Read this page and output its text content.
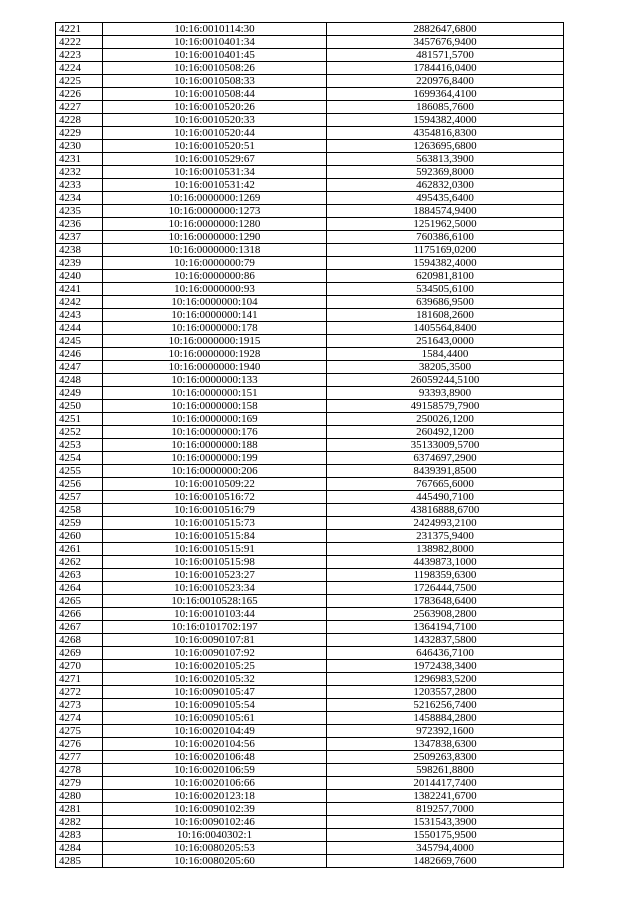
4221	10:16:0010114:30	2882647,6800
4222	10:16:0010401:34	3457676,9400
4223	10:16:0010401:45	481571,5700
4224	10:16:0010508:26	1784416,0400
4225	10:16:0010508:33	220976,8400
4226	10:16:0010508:44	1699364,4100
4227	10:16:0010520:26	186085,7600
4228	10:16:0010520:33	1594382,4000
4229	10:16:0010520:44	4354816,8300
4230	10:16:0010520:51	1263695,6800
4231	10:16:0010529:67	563813,3900
4232	10:16:0010531:34	592369,8000
4233	10:16:0010531:42	462832,0300
4234	10:16:0000000:1269	495435,6400
4235	10:16:0000000:1273	1884574,9400
4236	10:16:0000000:1280	1251962,5000
4237	10:16:0000000:1290	760386,6100
4238	10:16:0000000:1318	1175169,0200
4239	10:16:0000000:79	1594382,4000
4240	10:16:0000000:86	620981,8100
4241	10:16:0000000:93	534505,6100
4242	10:16:0000000:104	639686,9500
4243	10:16:0000000:141	181608,2600
4244	10:16:0000000:178	1405564,8400
4245	10:16:0000000:1915	251643,0000
4246	10:16:0000000:1928	1584,4400
4247	10:16:0000000:1940	38205,3500
4248	10:16:0000000:133	26059244,5100
4249	10:16:0000000:151	93393,8900
4250	10:16:0000000:158	49158579,7900
4251	10:16:0000000:169	250026,1200
4252	10:16:0000000:176	260492,1200
4253	10:16:0000000:188	35133009,5700
4254	10:16:0000000:199	6374697,2900
4255	10:16:0000000:206	8439391,8500
4256	10:16:0010509:22	767665,6000
4257	10:16:0010516:72	445490,7100
4258	10:16:0010516:79	43816888,6700
4259	10:16:0010515:73	2424993,2100
4260	10:16:0010515:84	231375,9400
4261	10:16:0010515:91	138982,8000
4262	10:16:0010515:98	4439873,1000
4263	10:16:0010523:27	1198359,6300
4264	10:16:0010523:34	1726444,7500
4265	10:16:0010528:165	1783648,6400
4266	10:16:0010103:44	2563908,2800
4267	10:16:0101702:197	1364194,7100
4268	10:16:0090107:81	1432837,5800
4269	10:16:0090107:92	646436,7100
4270	10:16:0020105:25	1972438,3400
4271	10:16:0020105:32	1296983,5200
4272	10:16:0090105:47	1203557,2800
4273	10:16:0090105:54	5216256,7400
4274	10:16:0090105:61	1458884,2800
4275	10:16:0020104:49	972392,1600
4276	10:16:0020104:56	1347838,6300
4277	10:16:0020106:48	2509263,8300
4278	10:16:0020106:59	598261,8800
4279	10:16:0020106:66	2014417,7400
4280	10:16:0020123:18	1382241,6700
4281	10:16:0090102:39	819257,7000
4282	10:16:0090102:46	1531543,3900
4283	10:16:0040302:1	1550175,9500
4284	10:16:0080205:53	345794,4000
4285	10:16:0080205:60	1482669,7600
